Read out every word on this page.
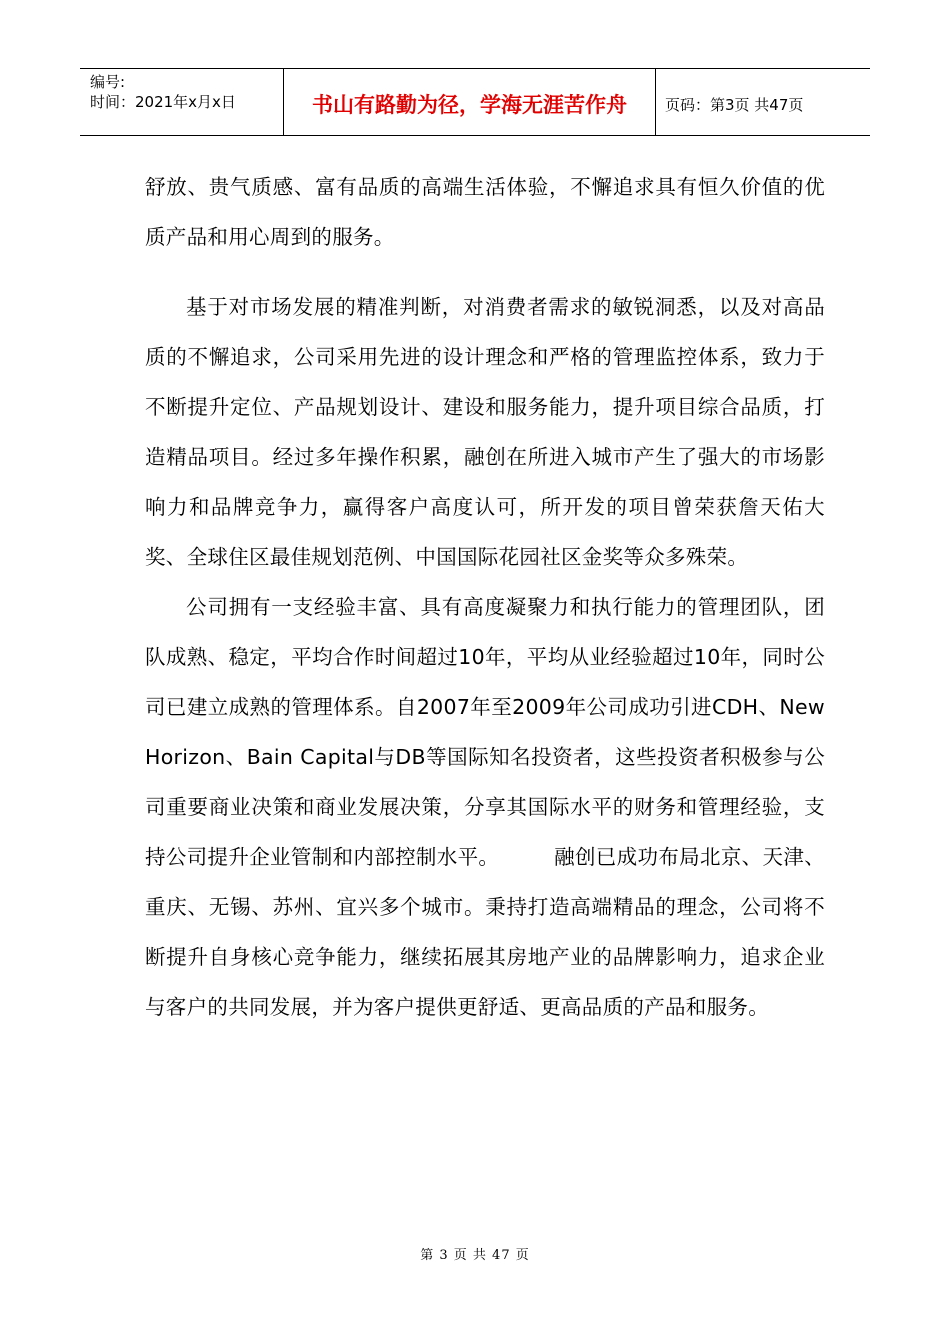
编号:
时间：2021年x月x日	书山有路勤为径，学海无涯苦作舟	页码：第3页 共47页

舒放、贵气质感、富有品质的高端生活体验，不懈追求具有恒久价值的优质产品和用心周到的服务。

基于对市场发展的精准判断，对消费者需求的敏锐洞悉，以及对高品质的不懈追求，公司采用先进的设计理念和严格的管理监控体系，致力于不断提升定位、产品规划设计、建设和服务能力，提升项目综合品质，打造精品项目。经过多年操作积累，融创在所进入城市产生了强大的市场影响力和品牌竞争力，赢得客户高度认可，所开发的项目曾荣获詹天佑大奖、全球住区最佳规划范例、中国国际花园社区金奖等众多殊荣。

公司拥有一支经验丰富、具有高度凝聚力和执行能力的管理团队，团队成熟、稳定，平均合作时间超过10年，平均从业经验超过10年，同时公司已建立成熟的管理体系。自2007年至2009年公司成功引进CDH、New Horizon、Bain Capital与DB等国际知名投资者，这些投资者积极参与公司重要商业决策和商业发展决策，分享其国际水平的财务和管理经验，支持公司提升企业管制和内部控制水平。        融创已成功布局北京、天津、重庆、无锡、苏州、宜兴多个城市。秉持打造高端精品的理念，公司将不断提升自身核心竞争能力，继续拓展其房地产业的品牌影响力，追求企业与客户的共同发展，并为客户提供更舒适、更高品质的产品和服务。

第 3 页 共 47 页
